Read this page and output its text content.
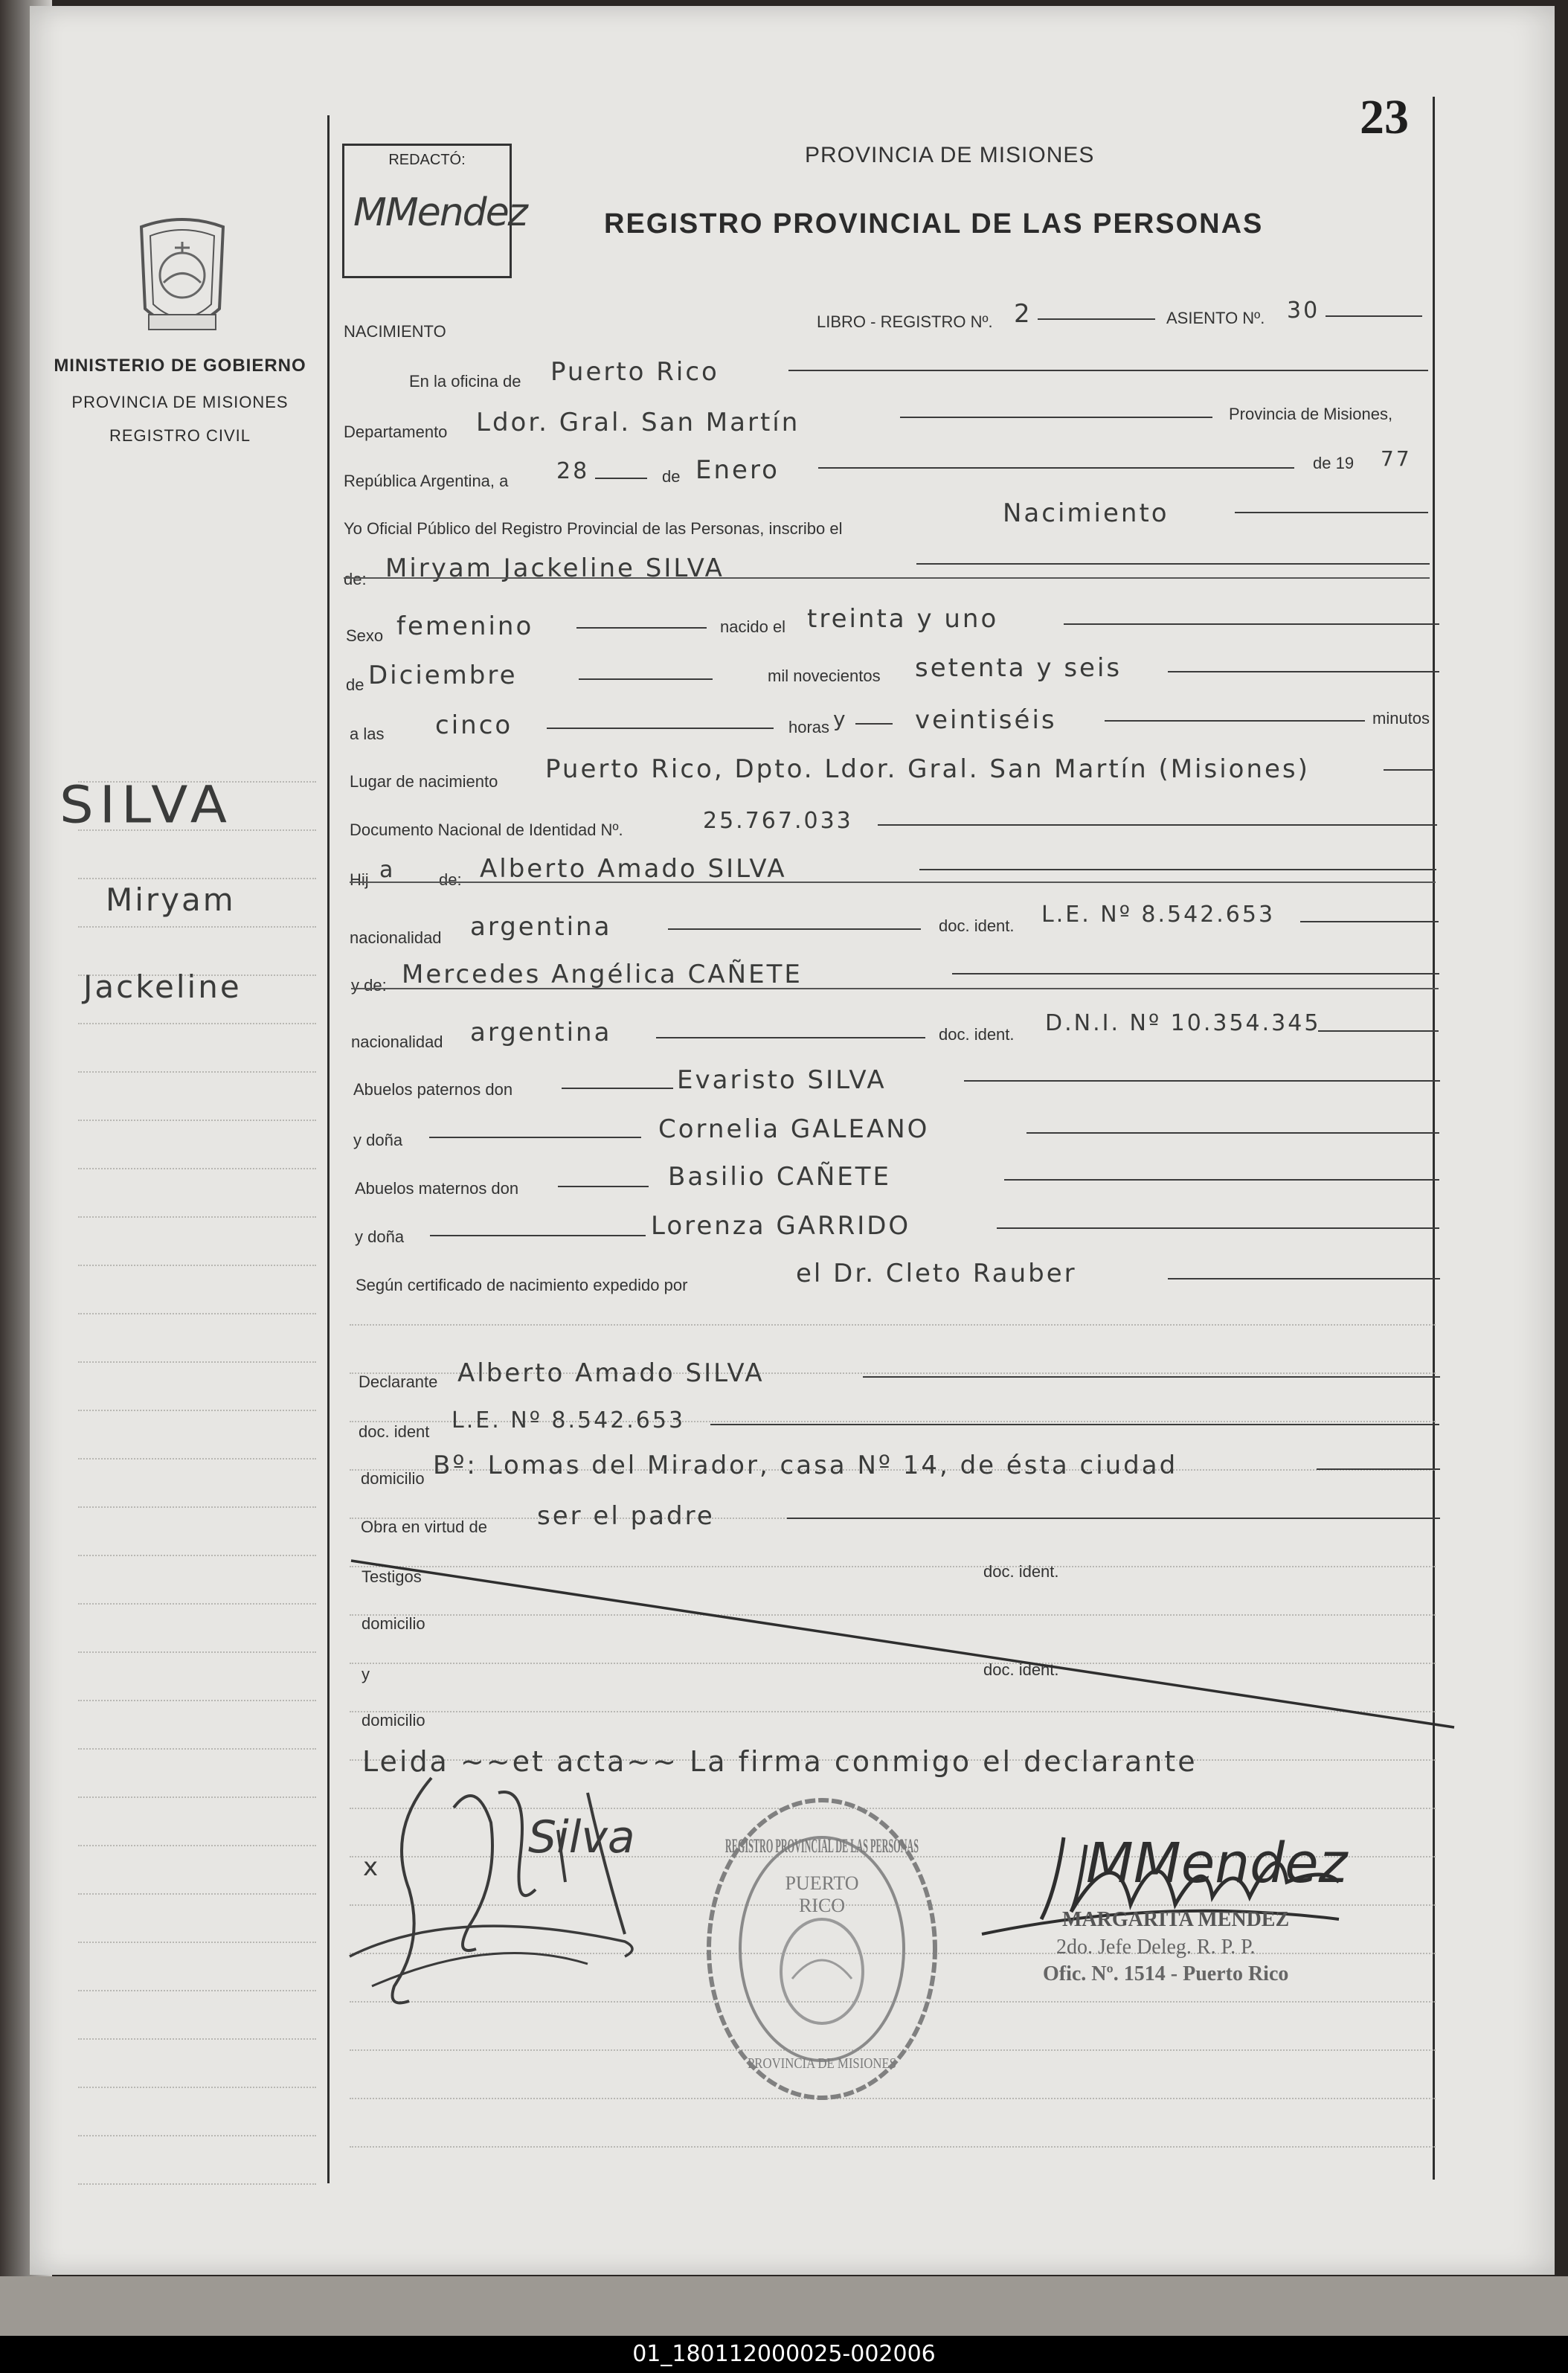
23
REDACTÓ:
MMendez
PROVINCIA DE MISIONES
REGISTRO PROVINCIAL DE LAS PERSONAS
MINISTERIO DE GOBIERNO
PROVINCIA DE MISIONES
REGISTRO CIVIL
SILVA
Miryam
Jackeline
NACIMIENTO
LIBRO - REGISTRO Nº. 2	ASIENTO Nº. 30
En la oficina de Puerto Rico
Departamento Ldor. Gral. San Martín	Provincia de Misiones,
República Argentina, a 28	de Enero	de 19 77
Yo Oficial Público del Registro Provincial de las Personas, inscribo el
Nacimiento
de: Miryam Jackeline SILVA
Sexo femenino	nacido el treinta y uno
de Diciembre	mil novecientos setenta y seis
a las cinco	horas y	veintiséis	minutos
Lugar de nacimiento Puerto Rico, Dpto. Ldor. Gral. San Martín (Misiones)
Documento Nacional de Identidad Nº.	25.767.033
Hij a	de: Alberto Amado SILVA
nacionalidad argentina	doc. ident. L.E. Nº 8.542.653
y de: Mercedes Angélica CAÑETE
nacionalidad argentina	doc. ident. D.N.I. Nº 10.354.345
Abuelos paternos don	Evaristo SILVA
y doña	Cornelia GALEANO
Abuelos maternos don	Basilio CAÑETE
y doña	Lorenza GARRIDO
Según certificado de nacimiento expedido por	el Dr. Cleto Rauber
Declarante Alberto Amado SILVA
doc. ident L.E. Nº 8.542.653
domicilio Bº: Lomas del Mirador, casa Nº 14, de ésta ciudad
Obra en virtud de ser el padre
Testigos	doc. ident.
domicilio
y	doc. ident.
domicilio
Leida ~~et acta~~ La firma conmigo el declarante
x
Silva	REGISTRO PROVINCIAL DE LAS PERSONAS
PUERTO
RICO
PROVINCIA DE MISIONES
MMendez
MARGARITA MENDEZ
2do. Jefe Deleg. R. P. P.
Ofic. Nº. 1514 - Puerto Rico
01_180112000025-002006
